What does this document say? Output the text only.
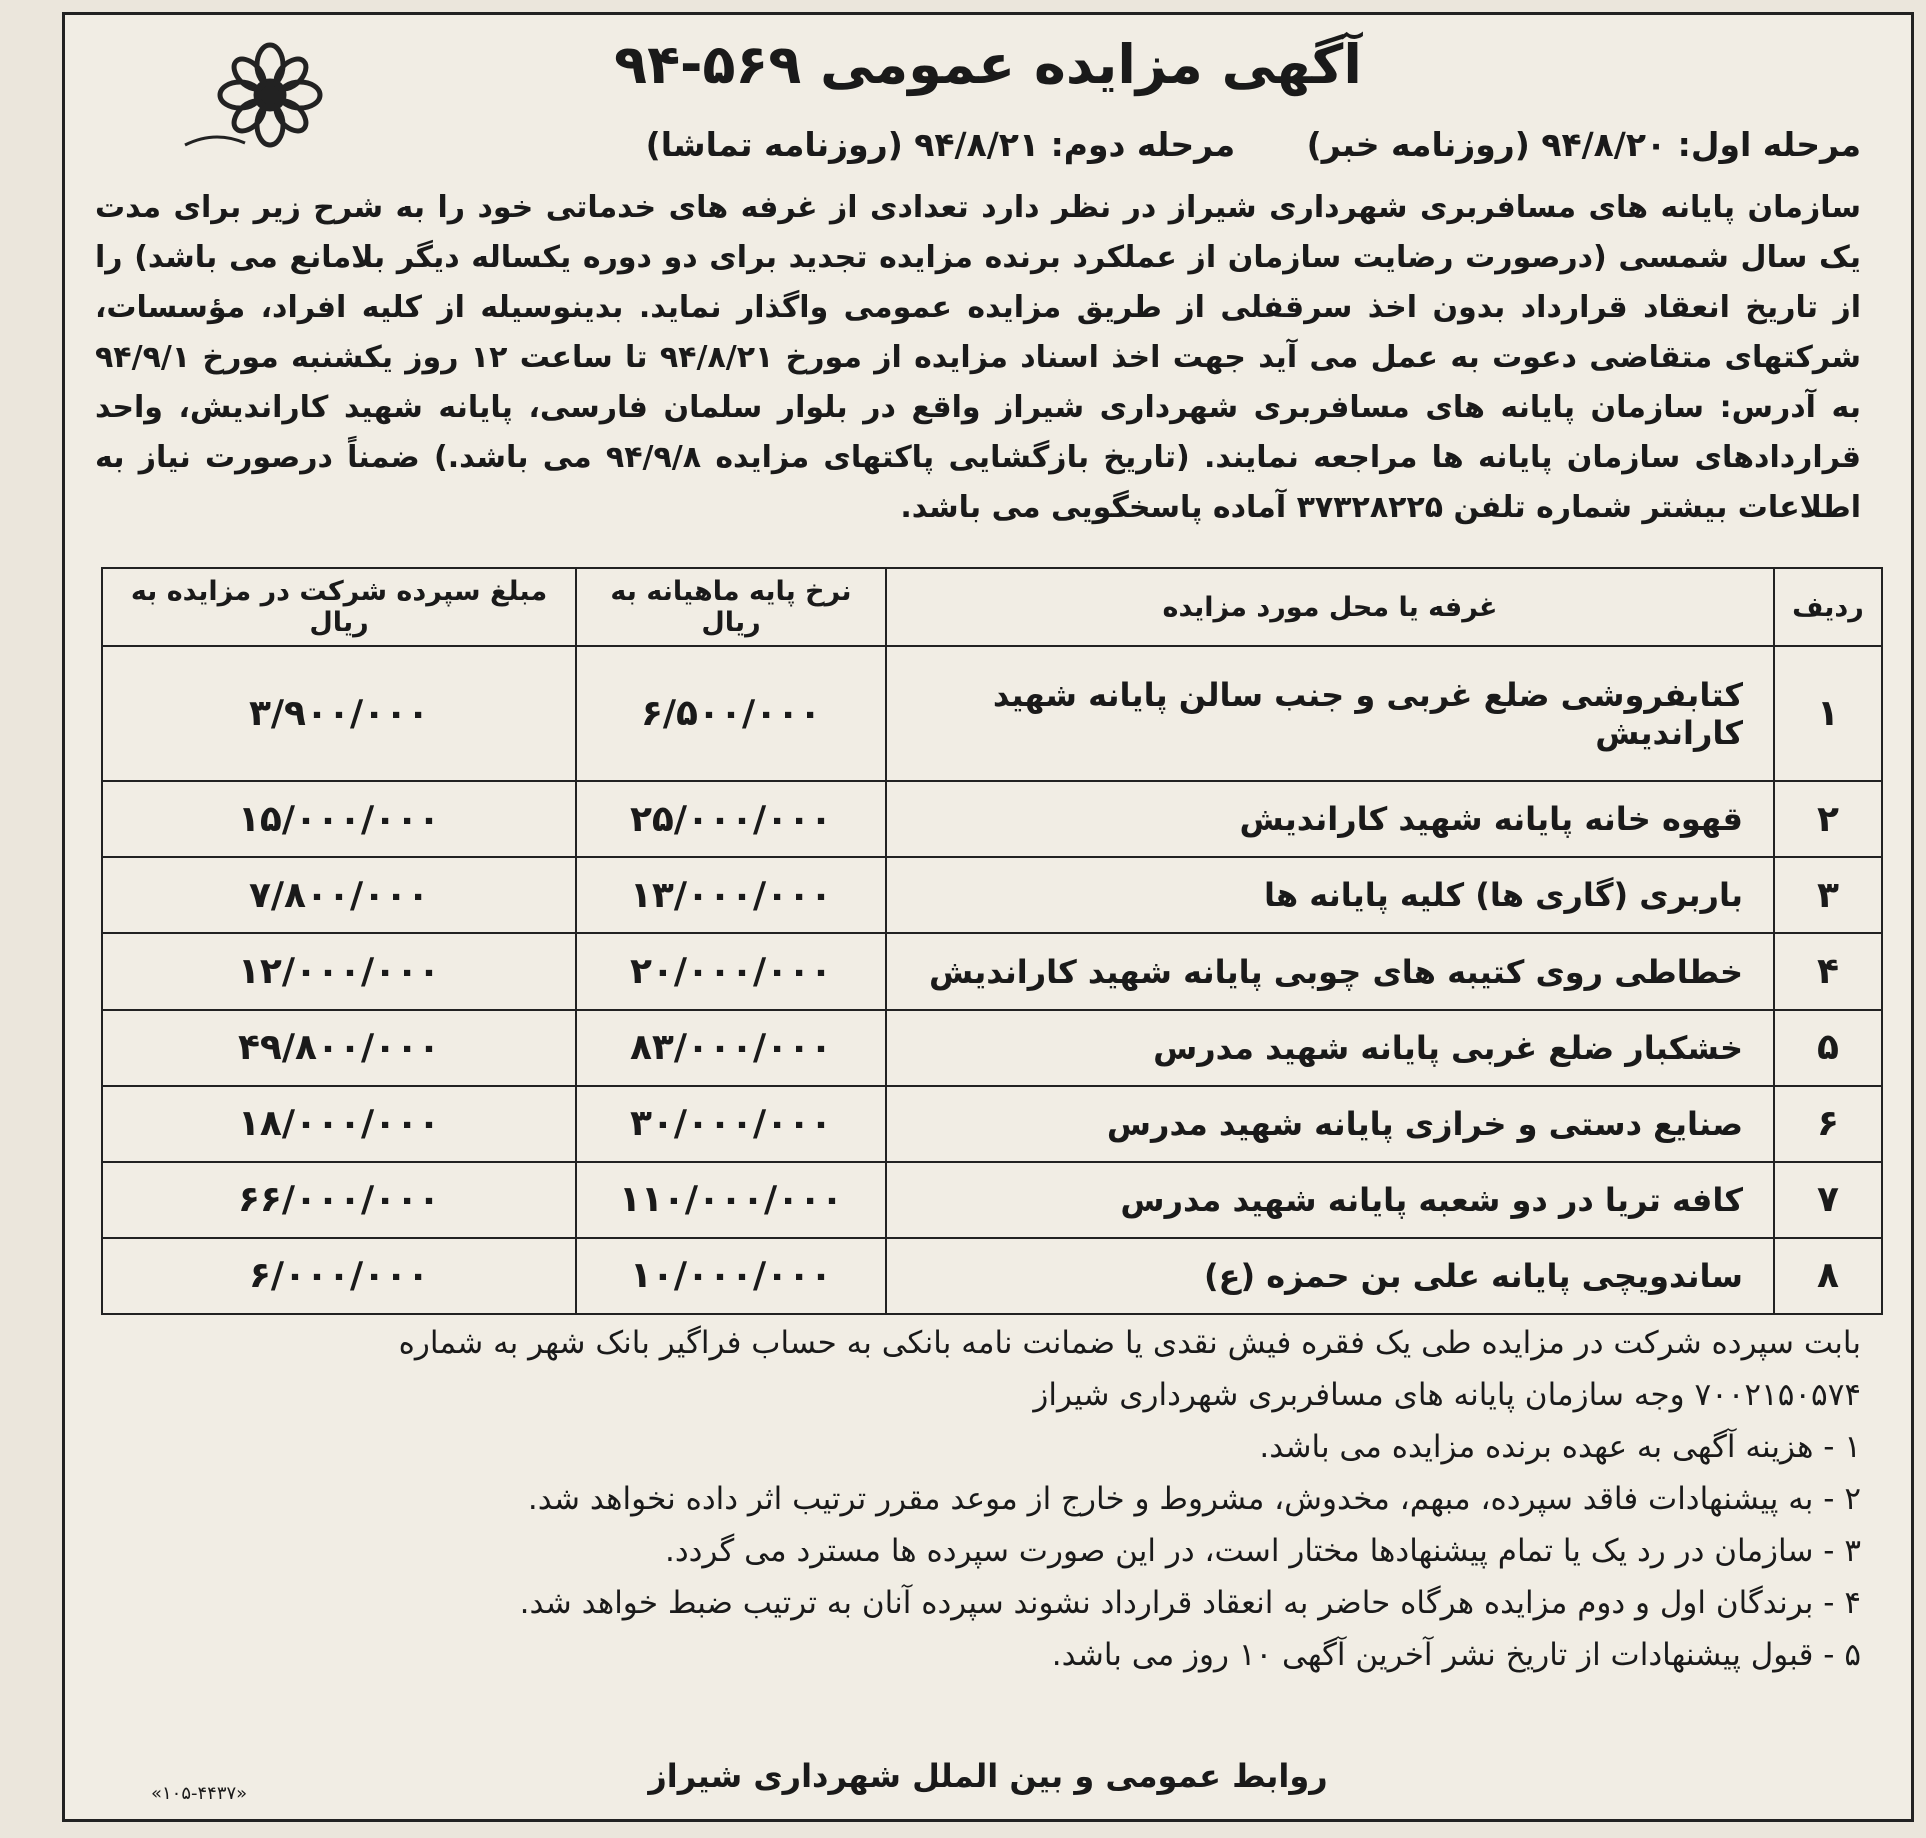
آگهی مزایده عمومی ۵۶۹-۹۴
مرحله اول: ۹۴/۸/۲۰ (روزنامه خبر) مرحله دوم: ۹۴/۸/۲۱ (روزنامه تماشا)
سازمان پایانه های مسافربری شهرداری شیراز در نظر دارد تعدادی از غرفه های خدماتی خود را به شرح زیر برای مدت یک سال شمسی (درصورت رضایت سازمان از عملکرد برنده مزایده تجدید برای دو دوره یکساله دیگر بلامانع می باشد) را از تاریخ انعقاد قرارداد بدون اخذ سرقفلی از طریق مزایده عمومی واگذار نماید. بدینوسیله از کلیه افراد، مؤسسات، شرکتهای متقاضی دعوت به عمل می آید جهت اخذ اسناد مزایده از مورخ ۹۴/۸/۲۱ تا ساعت ۱۲ روز یکشنبه مورخ ۹۴/۹/۱ به آدرس: سازمان پایانه های مسافربری شهرداری شیراز واقع در بلوار سلمان فارسی، پایانه شهید کاراندیش، واحد قراردادهای سازمان پایانه ها مراجعه نمایند. (تاریخ بازگشایی پاکتهای مزایده ۹۴/۹/۸ می باشد.) ضمناً درصورت نیاز به اطلاعات بیشتر شماره تلفن ۳۷۳۲۸۲۲۵ آماده پاسخگویی می باشد.
ردیف	غرفه یا محل مورد مزایده	نرخ پایه ماهیانه به ریال	مبلغ سپرده شرکت در مزایده به ریال
۱	کتابفروشی ضلع غربی و جنب سالن پایانه شهید کاراندیش	۶/۵۰۰/۰۰۰	۳/۹۰۰/۰۰۰
۲	قهوه خانه پایانه شهید کاراندیش	۲۵/۰۰۰/۰۰۰	۱۵/۰۰۰/۰۰۰
۳	باربری (گاری ها) کلیه پایانه ها	۱۳/۰۰۰/۰۰۰	۷/۸۰۰/۰۰۰
۴	خطاطی روی کتیبه های چوبی پایانه شهید کاراندیش	۲۰/۰۰۰/۰۰۰	۱۲/۰۰۰/۰۰۰
۵	خشکبار ضلع غربی پایانه شهید مدرس	۸۳/۰۰۰/۰۰۰	۴۹/۸۰۰/۰۰۰
۶	صنایع دستی و خرازی پایانه شهید مدرس	۳۰/۰۰۰/۰۰۰	۱۸/۰۰۰/۰۰۰
۷	کافه تریا در دو شعبه پایانه شهید مدرس	۱۱۰/۰۰۰/۰۰۰	۶۶/۰۰۰/۰۰۰
۸	ساندویچی پایانه علی بن حمزه (ع)	۱۰/۰۰۰/۰۰۰	۶/۰۰۰/۰۰۰
بابت سپرده شرکت در مزایده طی یک فقره فیش نقدی یا ضمانت نامه بانکی به حساب فراگیر بانک شهر به شماره
۷۰۰۲۱۵۰۵۷۴ وجه سازمان پایانه های مسافربری شهرداری شیراز
۱ - هزینه آگهی به عهده برنده مزایده می باشد.
۲ - به پیشنهادات فاقد سپرده، مبهم، مخدوش، مشروط و خارج از موعد مقرر ترتیب اثر داده نخواهد شد.
۳ - سازمان در رد یک یا تمام پیشنهادها مختار است، در این صورت سپرده ها مسترد می گردد.
۴ - برندگان اول و دوم مزایده هرگاه حاضر به انعقاد قرارداد نشوند سپرده آنان به ترتیب ضبط خواهد شد.
۵ - قبول پیشنهادات از تاریخ نشر آخرین آگهی ۱۰ روز می باشد.
روابط عمومی و بین الملل شهرداری شیراز
«۱۰۵-۴۴۳۷»
